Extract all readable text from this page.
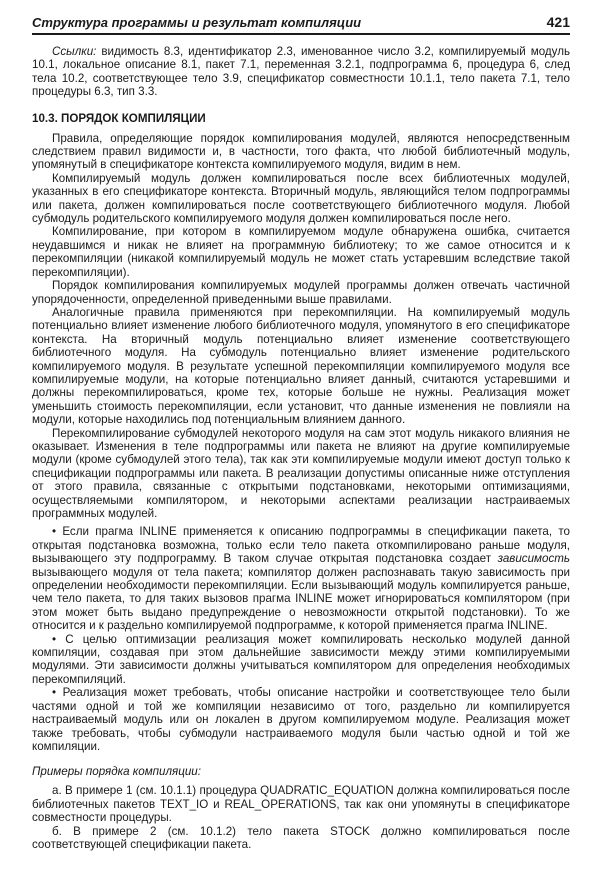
Структура программы и результат компиляции	421

Ссылки: видимость 8.3, идентификатор 2.3, именованное число 3.2, компилируемый модуль 10.1, локальное описание 8.1, пакет 7.1, переменная 3.2.1, подпрограмма 6, процедура 6, след тела 10.2, соответствующее тело 3.9, спецификатор совместности 10.1.1, тело пакета 7.1, тело процедуры 6.3, тип 3.3.

10.3. ПОРЯДОК КОМПИЛЯЦИИ

Правила, определяющие порядок компилирования модулей, являются непосредственным следствием правил видимости и, в частности, того факта, что любой библиотечный модуль, упомянутый в спецификаторе контекста компилируемого модуля, видим в нем.

Компилируемый модуль должен компилироваться после всех библиотечных модулей, указанных в его спецификаторе контекста. Вторичный модуль, являющийся телом подпрограммы или пакета, должен компилироваться после соответствующего библиотечного модуля. Любой субмодуль родительского компилируемого модуля должен компилироваться после него.

Компилирование, при котором в компилируемом модуле обнаружена ошибка, считается неудавшимся и никак не влияет на программную библиотеку; то же самое относится и к перекомпиляции (никакой компилируемый модуль не может стать устаревшим вследствие такой перекомпиляции).

Порядок компилирования компилируемых модулей программы должен отвечать частичной упорядоченности, определенной приведенными выше правилами.

Аналогичные правила применяются при перекомпиляции. На компилируемый модуль потенциально влияет изменение любого библиотечного модуля, упомянутого в его спецификаторе контекста. На вторичный модуль потенциально влияет изменение соответствующего библиотечного модуля. На субмодуль потенциально влияет изменение родительского компилируемого модуля. В результате успешной перекомпиляции компилируемого модуля все компилируемые модули, на которые потенциально влияет данный, считаются устаревшими и должны перекомпилироваться, кроме тех, которые больше не нужны. Реализация может уменьшить стоимость перекомпиляции, если установит, что данные изменения не повлияли на модули, которые находились под потенциальным влиянием данного.

Перекомпилирование субмодулей некоторого модуля на сам этот модуль никакого влияния не оказывает. Изменения в теле подпрограммы или пакета не влияют на другие компилируемые модули (кроме субмодулей этого тела), так как эти компилируемые модули имеют доступ только к спецификации подпрограммы или пакета. В реализации допустимы описанные ниже отступления от этого правила, связанные с открытыми подстановками, некоторыми оптимизациями, осуществляемыми компилятором, и некоторыми аспектами реализации настраиваемых программных модулей.

• Если прагма INLINE применяется к описанию подпрограммы в спецификации пакета, то открытая подстановка возможна, только если тело пакета откомпилировано раньше модуля, вызывающего эту подпрограмму. В таком случае открытая подстановка создает зависимость вызывающего модуля от тела пакета; компилятор должен распознавать такую зависимость при определении необходимости перекомпиляции. Если вызывающий модуль компилируется раньше, чем тело пакета, то для таких вызовов прагма INLINE может игнорироваться компилятором (при этом может быть выдано предупреждение о невозможности открытой подстановки). То же относится и к раздельно компилируемой подпрограмме, к которой применяется прагма INLINE.

• С целью оптимизации реализация может компилировать несколько модулей данной компиляции, создавая при этом дальнейшие зависимости между этими компилируемыми модулями. Эти зависимости должны учитываться компилятором для определения необходимых перекомпиляций.

• Реализация может требовать, чтобы описание настройки и соответствующее тело были частями одной и той же компиляции независимо от того, раздельно ли компилируется настраиваемый модуль или он локален в другом компилируемом модуле. Реализация может также требовать, чтобы субмодули настраиваемого модуля были частью одной и той же компиляции.

Примеры порядка компиляции:

а. В примере 1 (см. 10.1.1) процедура QUADRATIC_EQUATION должна компилироваться после библиотечных пакетов TEXT_IO и REAL_OPERATIONS, так как они упомянуты в спецификаторе совместности процедуры.

б. В примере 2 (см. 10.1.2) тело пакета STOCK должно компилироваться после соответствующей спецификации пакета.
